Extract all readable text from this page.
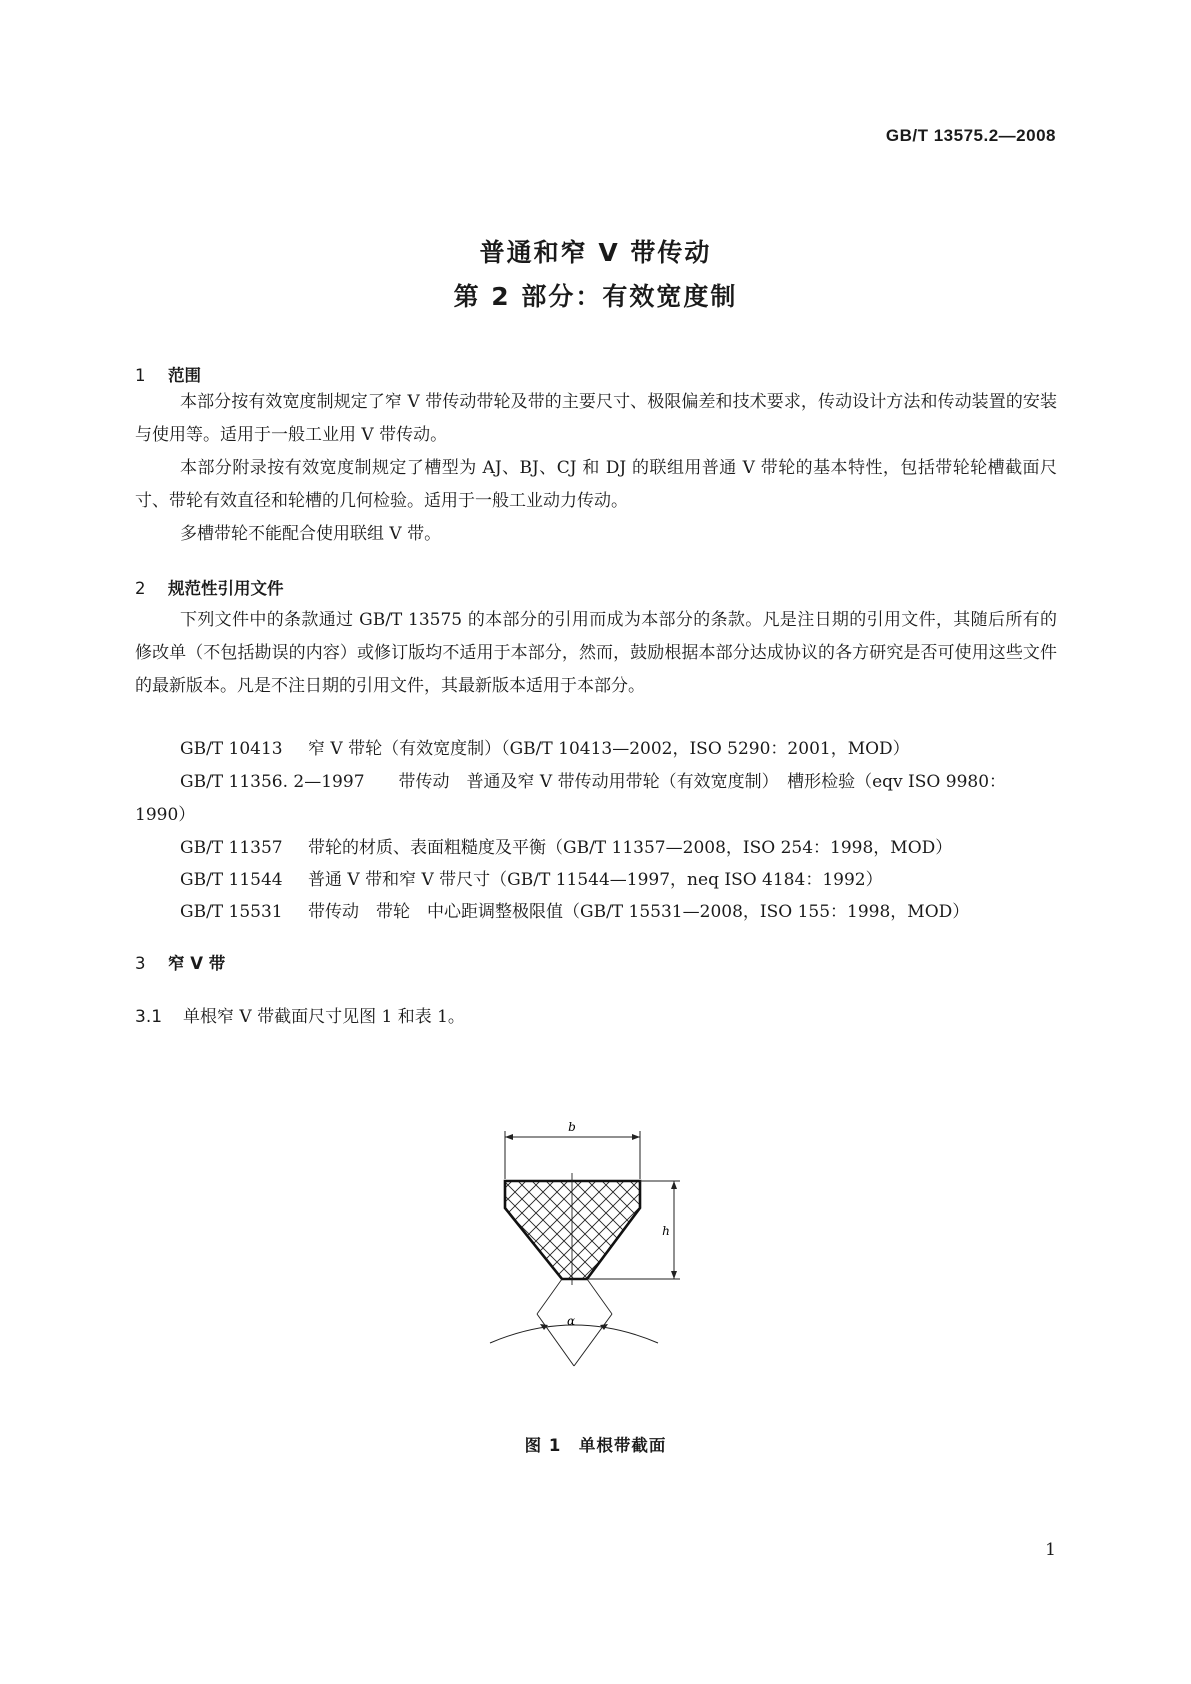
GB/T 13575.2—2008
普通和窄 V 带传动
第 2 部分：有效宽度制
1 范围
本部分按有效宽度制规定了窄 V 带传动带轮及带的主要尺寸、极限偏差和技术要求，传动设计方法和传动装置的安装与使用等。适用于一般工业用 V 带传动。
本部分附录按有效宽度制规定了槽型为 AJ、BJ、CJ 和 DJ 的联组用普通 V 带轮的基本特性，包括带轮轮槽截面尺寸、带轮有效直径和轮槽的几何检验。适用于一般工业动力传动。
多槽带轮不能配合使用联组 V 带。
2 规范性引用文件
下列文件中的条款通过 GB/T 13575 的本部分的引用而成为本部分的条款。凡是注日期的引用文件，其随后所有的修改单（不包括勘误的内容）或修订版均不适用于本部分，然而，鼓励根据本部分达成协议的各方研究是否可使用这些文件的最新版本。凡是不注日期的引用文件，其最新版本适用于本部分。
GB/T 10413 窄 V 带轮（有效宽度制）（GB/T 10413—2002，ISO 5290：2001，MOD）
GB/T 11356. 2—1997　　 带传动　普通及窄 V 带传动用带轮（有效宽度制）　槽形检验（eqv ISO 9980：1990）
GB/T 11357 带轮的材质、表面粗糙度及平衡（GB/T 11357—2008，ISO 254：1998，MOD）
GB/T 11544 普通 V 带和窄 V 带尺寸（GB/T 11544—1997，neq ISO 4184：1992）
GB/T 15531 带传动　带轮　中心距调整极限值（GB/T 15531—2008，ISO 155：1998，MOD）
3 窄 V 带
3.1 单根窄 V 带截面尺寸见图 1 和表 1。
b
h
α
图 1　单根带截面
1
